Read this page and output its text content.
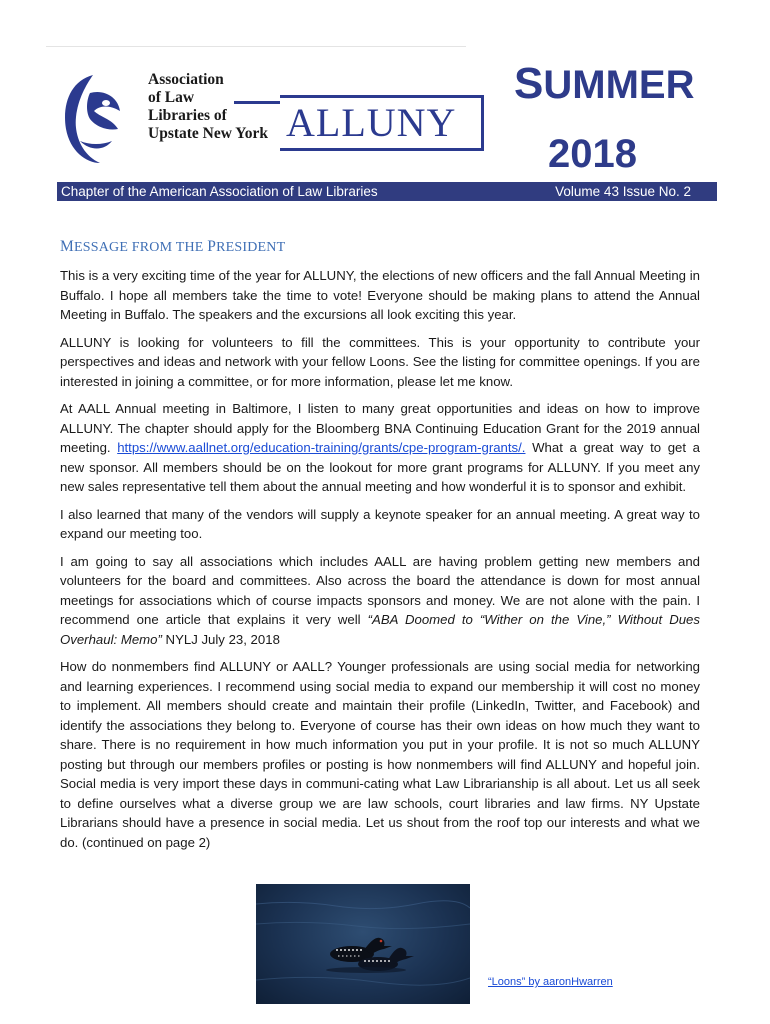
Association
of Law
Libraries of
Upstate New York ALLUNY
SUMMER
2018
Chapter of the American Association of Law Libraries	Volume 43 Issue No. 2
MESSAGE FROM THE PRESIDENT

This is a very exciting time of the year for ALLUNY, the elections of new officers and the fall Annual Meeting in Buffalo. I hope all members take the time to vote! Everyone should be making plans to attend the Annual Meeting in Buffalo. The speakers and the excursions all look exciting this year.

ALLUNY is looking for volunteers to fill the committees. This is your opportunity to contribute your perspectives and ideas and network with your fellow Loons. See the listing for committee openings. If you are interested in joining a committee, or for more information, please let me know.

At AALL Annual meeting in Baltimore, I listen to many great opportunities and ideas on how to improve ALLUNY. The chapter should apply for the Bloomberg BNA Continuing Education Grant for the 2019 annual meeting. https://www.aallnet.org/education-training/grants/cpe-program-grants/. What a great way to get a new sponsor. All members should be on the lookout for more grant programs for ALLUNY. If you meet any new sales representative tell them about the annual meeting and how wonderful it is to sponsor and exhibit.

I also learned that many of the vendors will supply a keynote speaker for an annual meeting. A great way to expand our meeting too.

I am going to say all associations which includes AALL are having problem getting new members and volunteers for the board and committees. Also across the board the attendance is down for most annual meetings for associations which of course impacts sponsors and money. We are not alone with the pain. I recommend one article that explains it very well “ABA Doomed to “Wither on the Vine,” Without Dues Overhaul: Memo” NYLJ July 23, 2018

How do nonmembers find ALLUNY or AALL? Younger professionals are using social media for networking and learning experiences. I recommend using social media to expand our membership it will cost no money to implement. All members should create and maintain their profile (LinkedIn, Twitter, and Facebook) and identify the associations they belong to. Everyone of course has their own ideas on how much they want to share. There is no requirement in how much information you put in your profile. It is not so much ALLUNY posting but through our members profiles or posting is how nonmembers will find ALLUNY and hopeful join. Social media is very import these days in communi-cating what Law Librarianship is all about. Let us all seek to define ourselves what a diverse group we are law schools, court libraries and law firms. NY Upstate Librarians should have a presence in social media. Let us shout from the roof top our interests and what we do. (continued on page 2)

“Loons” by aaronHwarren
